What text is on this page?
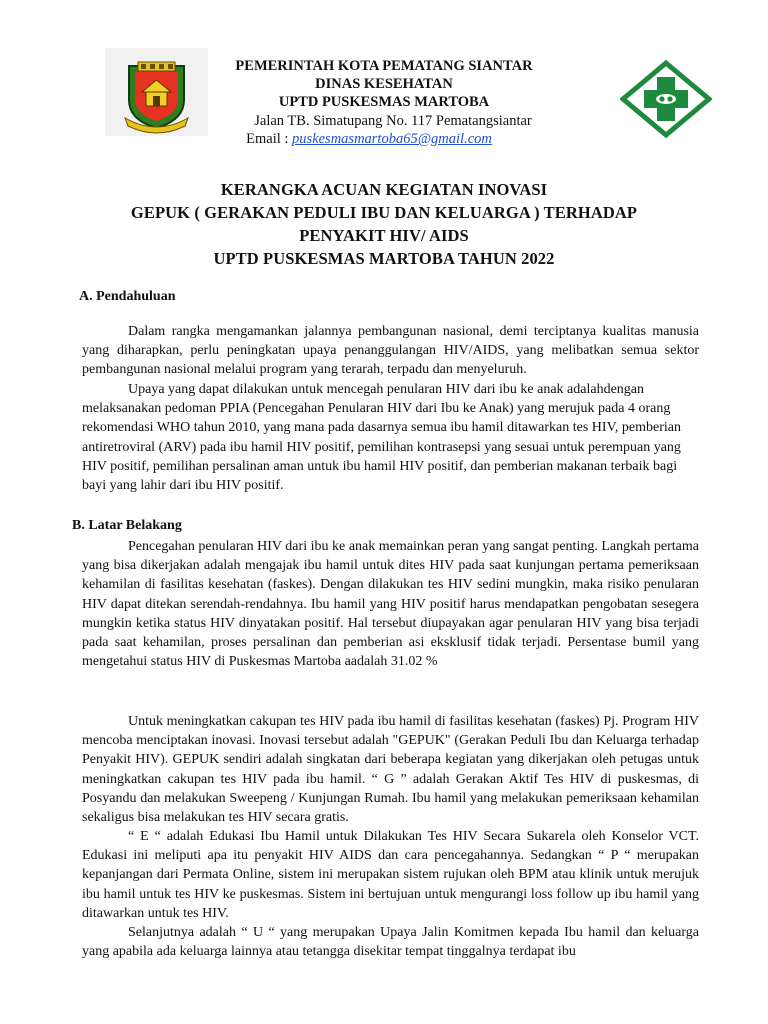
PEMERINTAH KOTA PEMATANG SIANTAR
DINAS KESEHATAN
UPTD PUSKESMAS MARTOBA
Jalan TB. Simatupang No. 117 Pematangsiantar
Email : puskesmasmartoba65@gmail.com
KERANGKA ACUAN KEGIATAN INOVASI
GEPUK ( GERAKAN PEDULI IBU DAN KELUARGA ) TERHADAP
PENYAKIT HIV/ AIDS
UPTD PUSKESMAS MARTOBA TAHUN 2022
A. Pendahuluan

Dalam rangka mengamankan jalannya pembangunan nasional, demi terciptanya kualitas manusia yang diharapkan, perlu peningkatan upaya penanggulangan HIV/AIDS, yang melibatkan semua sektor pembangunan nasional melalui program yang terarah, terpadu dan menyeluruh.

Upaya yang dapat dilakukan untuk mencegah penularan HIV dari ibu ke anak adalahdengan melaksanakan pedoman PPIA (Pencegahan Penularan HIV dari Ibu ke Anak) yang merujuk pada 4 orang rekomendasi WHO tahun 2010, yang mana pada dasarnya semua ibu hamil ditawarkan tes HIV, pemberian antiretroviral (ARV) pada ibu hamil HIV positif, pemilihan kontrasepsi yang sesuai untuk perempuan yang HIV positif, pemilihan persalinan aman untuk ibu hamil HIV positif, dan pemberian makanan terbaik bagi bayi yang lahir dari ibu HIV positif.

B. Latar Belakang

Pencegahan penularan HIV dari ibu ke anak memainkan peran yang sangat penting. Langkah pertama yang bisa dikerjakan adalah mengajak ibu hamil untuk dites HIV pada saat kunjungan pertama pemeriksaan kehamilan di fasilitas kesehatan (faskes). Dengan dilakukan tes HIV sedini mungkin, maka risiko penularan HIV dapat ditekan serendah-rendahnya. Ibu hamil yang HIV positif harus mendapatkan pengobatan sesegera mungkin ketika status HIV dinyatakan positif. Hal tersebut diupayakan agar penularan HIV yang bisa terjadi pada saat kehamilan, proses persalinan dan pemberian asi eksklusif tidak terjadi. Persentase bumil yang mengetahui status HIV di Puskesmas Martoba aadalah 31.02 %

Untuk meningkatkan cakupan tes HIV pada ibu hamil di fasilitas kesehatan (faskes) Pj. Program HIV mencoba menciptakan inovasi. Inovasi tersebut adalah "GEPUK" (Gerakan Peduli Ibu dan Keluarga terhadap Penyakit HIV). GEPUK sendiri adalah singkatan dari beberapa kegiatan yang dikerjakan oleh petugas untuk meningkatkan cakupan tes HIV pada ibu hamil. “ G ” adalah Gerakan Aktif Tes HIV di puskesmas, di Posyandu dan melakukan Sweepeng / Kunjungan Rumah. Ibu hamil yang melakukan pemeriksaan kehamilan sekaligus bisa melakukan tes HIV secara gratis.

“ E “ adalah Edukasi Ibu Hamil untuk Dilakukan Tes HIV Secara Sukarela oleh Konselor VCT. Edukasi ini meliputi apa itu penyakit HIV AIDS dan cara pencegahannya. Sedangkan “ P “ merupakan kepanjangan dari Permata Online, sistem ini merupakan sistem rujukan oleh BPM atau klinik untuk merujuk ibu hamil untuk tes HIV ke puskesmas. Sistem ini bertujuan untuk mengurangi loss follow up ibu hamil yang ditawarkan untuk tes HIV.

Selanjutnya adalah “ U “ yang merupakan Upaya Jalin Komitmen kepada Ibu hamil dan keluarga yang apabila ada keluarga lainnya atau tetangga disekitar tempat tinggalnya terdapat ibu
